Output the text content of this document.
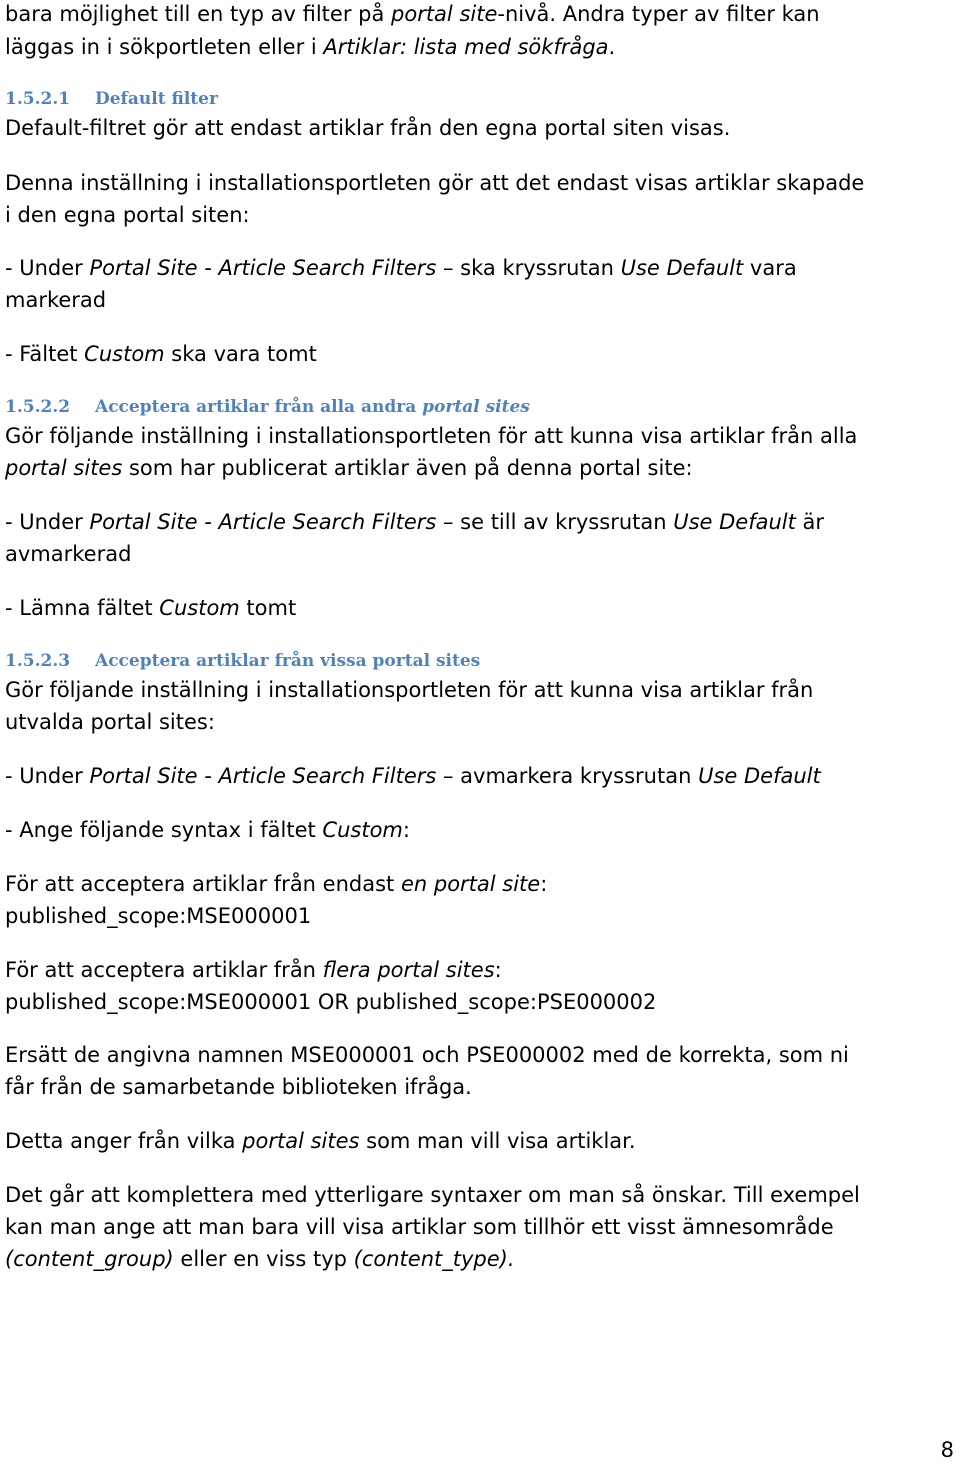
bara möjlighet till en typ av filter på portal site-nivå. Andra typer av filter kan
läggas in i sökportleten eller i Artiklar: lista med sökfråga.
1.5.2.1 Default filter
Default-filtret gör att endast artiklar från den egna portal siten visas.
Denna inställning i installationsportleten gör att det endast visas artiklar skapade
i den egna portal siten:
- Under Portal Site - Article Search Filters – ska kryssrutan Use Default vara
markerad
- Fältet Custom ska vara tomt
1.5.2.2 Acceptera artiklar från alla andra portal sites
Gör följande inställning i installationsportleten för att kunna visa artiklar från alla
portal sites som har publicerat artiklar även på denna portal site:
- Under Portal Site - Article Search Filters – se till av kryssrutan Use Default är
avmarkerad
- Lämna fältet Custom tomt
1.5.2.3 Acceptera artiklar från vissa portal sites
Gör följande inställning i installationsportleten för att kunna visa artiklar från
utvalda portal sites:
- Under Portal Site - Article Search Filters – avmarkera kryssrutan Use Default
- Ange följande syntax i fältet Custom:
För att acceptera artiklar från endast en portal site:
published_scope:MSE000001
För att acceptera artiklar från flera portal sites:
published_scope:MSE000001 OR published_scope:PSE000002
Ersätt de angivna namnen MSE000001 och PSE000002 med de korrekta, som ni
får från de samarbetande biblioteken ifråga.
Detta anger från vilka portal sites som man vill visa artiklar.
Det går att komplettera med ytterligare syntaxer om man så önskar. Till exempel
kan man ange att man bara vill visa artiklar som tillhör ett visst ämnesområde
(content_group) eller en viss typ (content_type).
8
